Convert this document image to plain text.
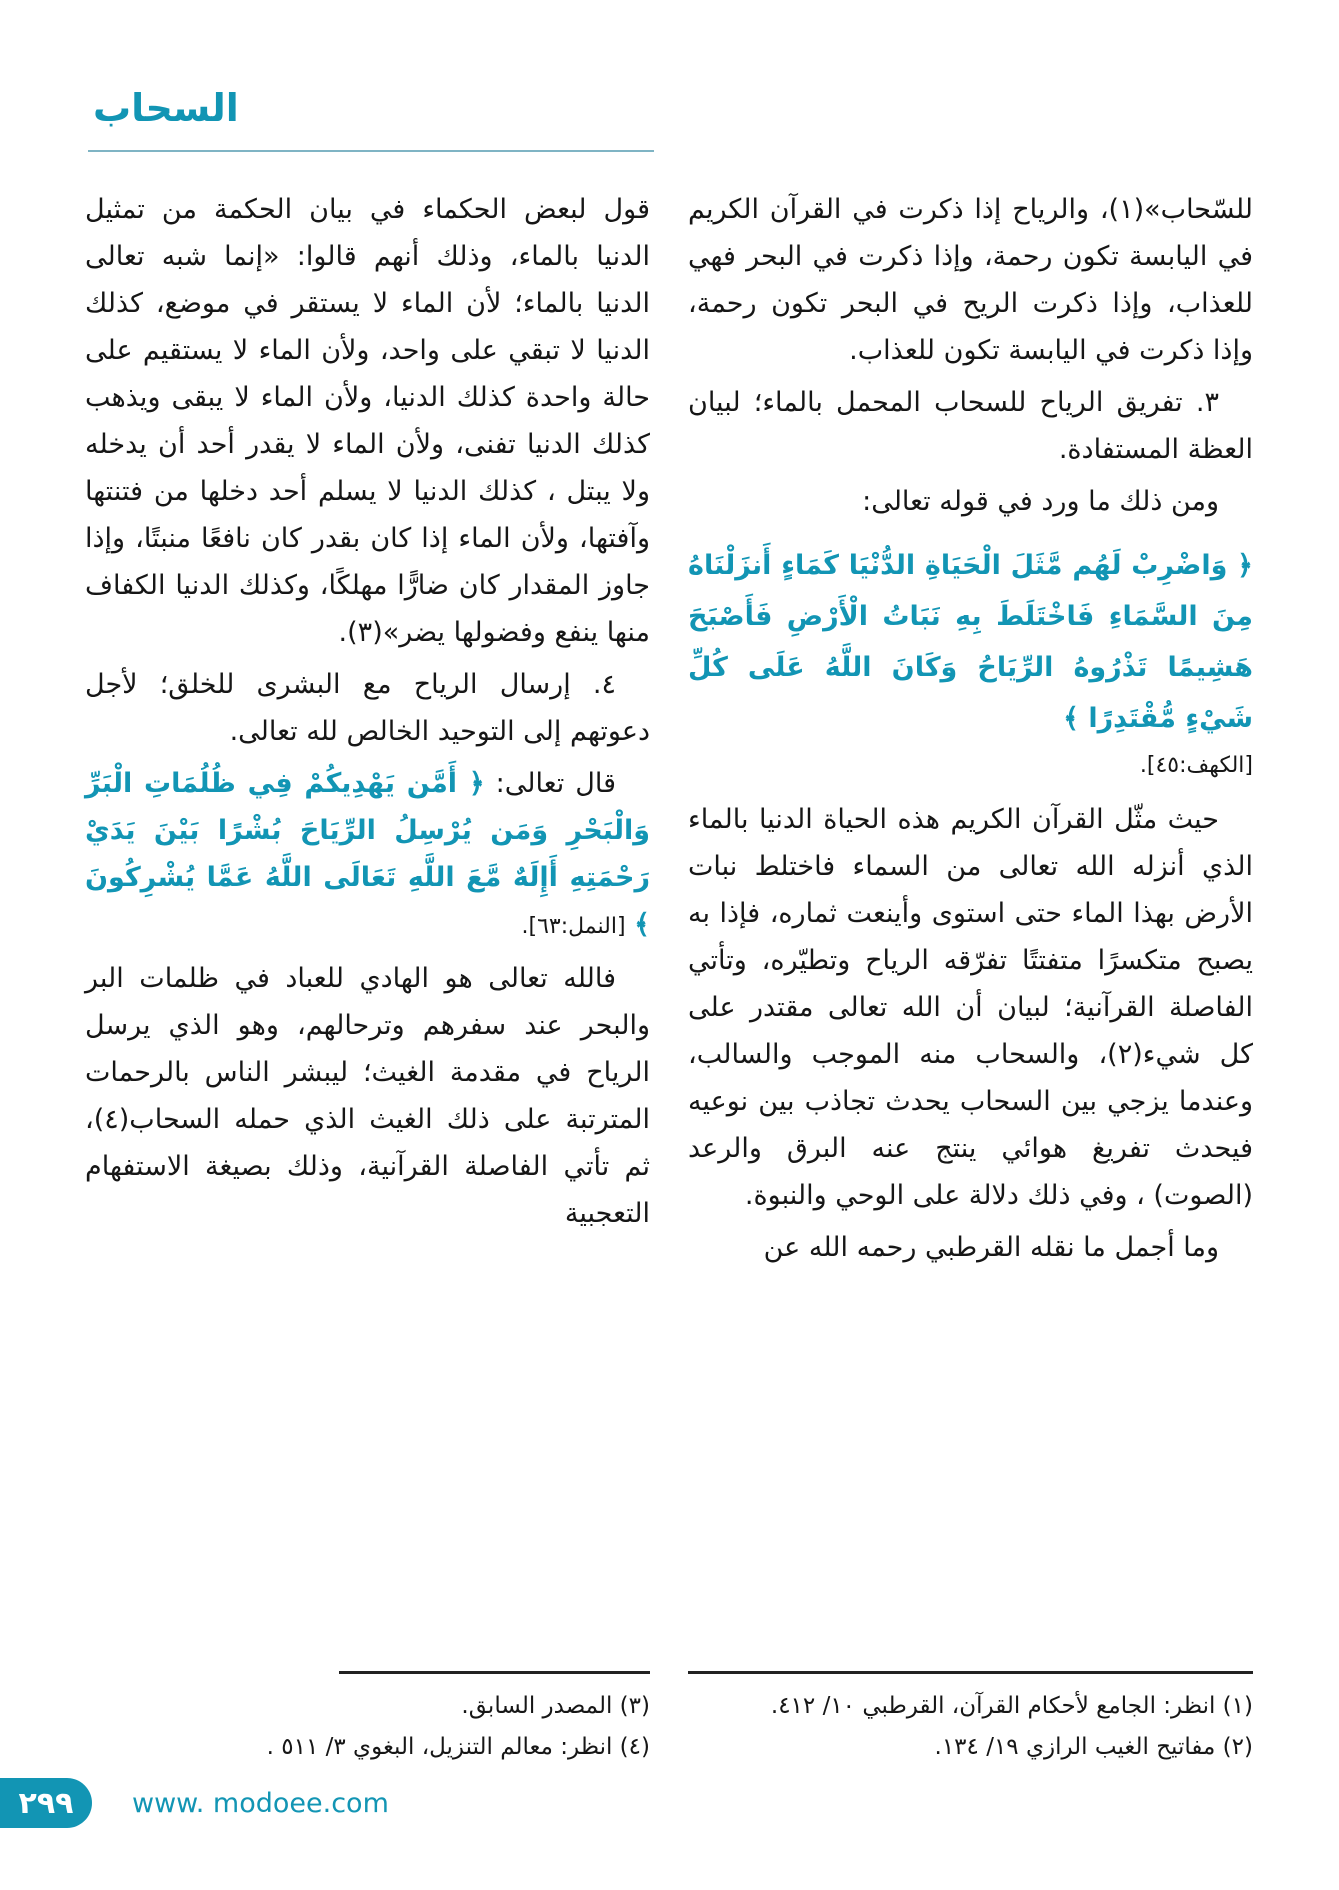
السحاب

للسّحاب»(١)، والرياح إذا ذكرت في القرآن الكريم في اليابسة تكون رحمة، وإذا ذكرت في البحر فهي للعذاب، وإذا ذكرت الريح في البحر تكون رحمة، وإذا ذكرت في اليابسة تكون للعذاب.

٣. تفريق الرياح للسحاب المحمل بالماء؛ لبيان العظة المستفادة.

ومن ذلك ما ورد في قوله تعالى:

﴿ وَاضْرِبْ لَهُم مَّثَلَ الْحَيَاةِ الدُّنْيَا كَمَاءٍ أَنزَلْنَاهُ مِنَ السَّمَاءِ فَاخْتَلَطَ بِهِ نَبَاتُ الْأَرْضِ فَأَصْبَحَ هَشِيمًا تَذْرُوهُ الرِّيَاحُ وَكَانَ اللَّهُ عَلَى كُلِّ شَيْءٍ مُّقْتَدِرًا ﴾

[الكهف:٤٥].

حيث مثّل القرآن الكريم هذه الحياة الدنيا بالماء الذي أنزله الله تعالى من السماء فاختلط نبات الأرض بهذا الماء حتى استوى وأينعت ثماره، فإذا به يصبح متكسرًا متفتتًا تفرّقه الرياح وتطيّره، وتأتي الفاصلة القرآنية؛ لبيان أن الله تعالى مقتدر على كل شيء(٢)، والسحاب منه الموجب والسالب، وعندما يزجي بين السحاب يحدث تجاذب بين نوعيه فيحدث تفريغ هوائي ينتج عنه البرق والرعد (الصوت) ، وفي ذلك دلالة على الوحي والنبوة.

وما أجمل ما نقله القرطبي رحمه الله عن

(١) انظر: الجامع لأحكام القرآن، القرطبي ١٠/ ٤١٢.

(٢) مفاتيح الغيب الرازي ١٩/ ١٣٤.

قول لبعض الحكماء في بيان الحكمة من تمثيل الدنيا بالماء، وذلك أنهم قالوا: «إنما شبه تعالى الدنيا بالماء؛ لأن الماء لا يستقر في موضع، كذلك الدنيا لا تبقي على واحد، ولأن الماء لا يستقيم على حالة واحدة كذلك الدنيا، ولأن الماء لا يبقى ويذهب كذلك الدنيا تفنى، ولأن الماء لا يقدر أحد أن يدخله ولا يبتل ، كذلك الدنيا لا يسلم أحد دخلها من فتنتها وآفتها، ولأن الماء إذا كان بقدر كان نافعًا منبتًا، وإذا جاوز المقدار كان ضارًّا مهلكًا، وكذلك الدنيا الكفاف منها ينفع وفضولها يضر»(٣).

٤. إرسال الرياح مع البشرى للخلق؛ لأجل دعوتهم إلى التوحيد الخالص لله تعالى.

قال تعالى: ﴿ أَمَّن يَهْدِيكُمْ فِي ظُلُمَاتِ الْبَرِّ وَالْبَحْرِ وَمَن يُرْسِلُ الرِّيَاحَ بُشْرًا بَيْنَ يَدَيْ رَحْمَتِهِ أَإِلَهٌ مَّعَ اللَّهِ تَعَالَى اللَّهُ عَمَّا يُشْرِكُونَ ﴾ [النمل:٦٣].

فالله تعالى هو الهادي للعباد في ظلمات البر والبحر عند سفرهم وترحالهم، وهو الذي يرسل الرياح في مقدمة الغيث؛ ليبشر الناس بالرحمات المترتبة على ذلك الغيث الذي حمله السحاب(٤)، ثم تأتي الفاصلة القرآنية، وذلك بصيغة الاستفهام التعجبية

(٣) المصدر السابق.

(٤) انظر: معالم التنزيل، البغوي ٣/ ٥١١ .

٢٩٩ www. modoee.com
